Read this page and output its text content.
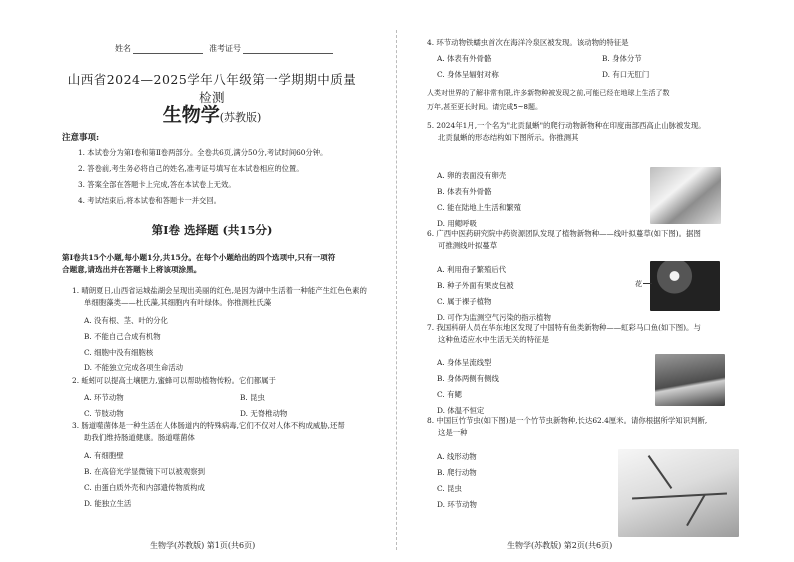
姓名	准考证号
山西省2024—2025学年八年级第一学期期中质量检测
生物学(苏教版)
注意事项:
1. 本试卷分为第Ⅰ卷和第Ⅱ卷两部分。全卷共6页,满分50分,考试时间60分钟。
2. 答卷前,考生务必将自己的姓名,准考证号填写在本试卷相应的位置。
3. 答案全部在答题卡上完成,答在本试卷上无效。
4. 考试结束后,将本试卷和答题卡一并交回。
第Ⅰ卷 选择题 (共15分)
第Ⅰ卷共15个小题,每小题1分,共15分。在每个小题给出的四个选项中,只有一项符
合题意,请选出并在答题卡上将该项涂黑。
1. 晴朗夏日,山西省运城盐湖会呈现出美丽的红色,是因为湖中生活着一种能产生红色色素的
单细胞藻类——杜氏藻,其细胞内有叶绿体。你推测杜氏藻
A. 没有根、茎、叶的分化
B. 不能自己合成有机物
C. 细胞中没有细胞核
D. 不能独立完成各项生命活动
2. 蚯蚓可以提高土壤肥力,蜜蜂可以帮助植物传粉。它们都属于
A. 环节动物	B. 昆虫
C. 节肢动物	D. 无脊椎动物
3. 肠道噬菌体是一种生活在人体肠道内的特殊病毒,它们不仅对人体不构成威胁,还帮
助我们维持肠道健康。肠道噬菌体
A. 有细胞壁
B. 在高倍光学显微镜下可以被观察到
C. 由蛋白质外壳和内部遗传物质构成
D. 能独立生活
生物学(苏教版) 第1页(共6页)
4. 环节动物铁蠕虫首次在海洋冷泉区被发现。该动物的特征是
A. 体表有外骨骼	B. 身体分节
C. 身体呈辐射对称	D. 有口无肛门
人类对世界的了解非常有限,许多新物种被发现之前,可能已经在地球上生活了数
万年,甚至更长时间。请完成5~8题。
5. 2024年1月,一个名为"北贡鼠蜥"的爬行动物新物种在印度南部西高止山脉被发现。
北贡鼠蜥的形态结构如下图所示。你推测其
A. 卵的表面没有卵壳
B. 体表有外骨骼
C. 能在陆地上生活和繁殖
D. 用鳃呼吸
6. 广西中医药研究院中药资源团队发现了植物新物种——线叶拟蔓草(如下图)。据图
可推测线叶拟蔓草
A. 利用孢子繁殖后代
B. 种子外面有果皮包被
C. 属于裸子植物
D. 可作为监测空气污染的指示植物
7. 我国科研人员在华东地区发现了中国特有鱼类新物种——虹彩马口鱼(如下图)。与
这种鱼适应水中生活无关的特征是
A. 身体呈流线型
B. 身体两侧有侧线
C. 有鳃
D. 体温不恒定
8. 中国巨竹节虫(如下图)是一个竹节虫新物种,长达62.4厘米。请你根据所学知识判断,
这是一种
A. 线形动物
B. 爬行动物
C. 昆虫
D. 环节动物
生物学(苏教版) 第2页(共6页)
花
